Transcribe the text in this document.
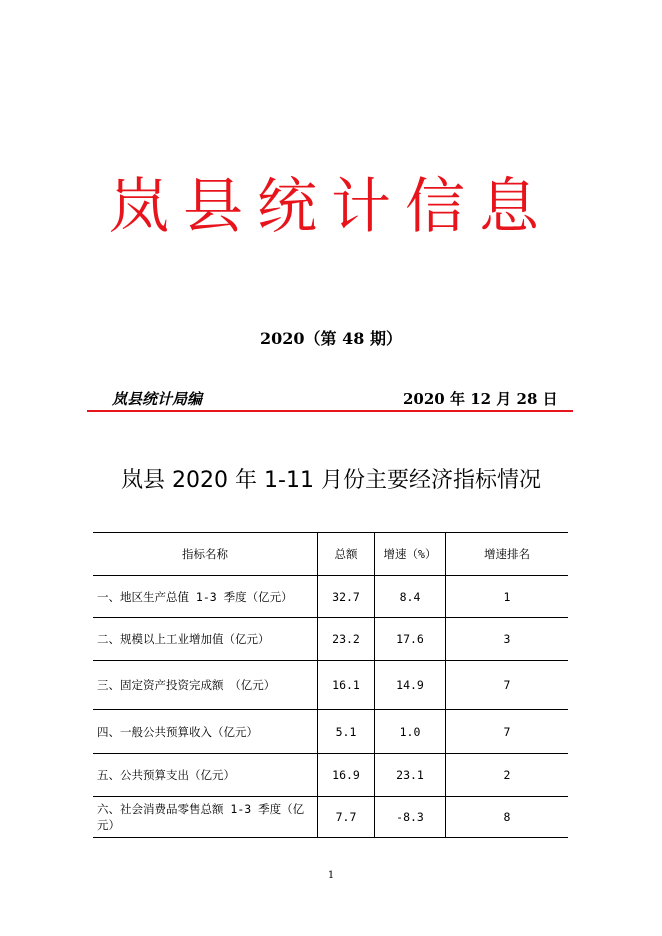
岚县统计信息
2020（第 48 期）
岚县统计局编	2020 年 12 月 28 日
岚县 2020 年 1-11 月份主要经济指标情况
指标名称	总额	增速（%）	增速排名
一、地区生产总值 1-3 季度（亿元）	32.7	8.4	1
二、规模以上工业增加值（亿元）	23.2	17.6	3
三、固定资产投资完成额　（亿元）	16.1	14.9	7
四、一般公共预算收入（亿元）	5.1	1.0	7
五、公共预算支出（亿元）	16.9	23.1	2
六、社会消费品零售总额 1-3 季度（亿元）	7.7	-8.3	8
1
